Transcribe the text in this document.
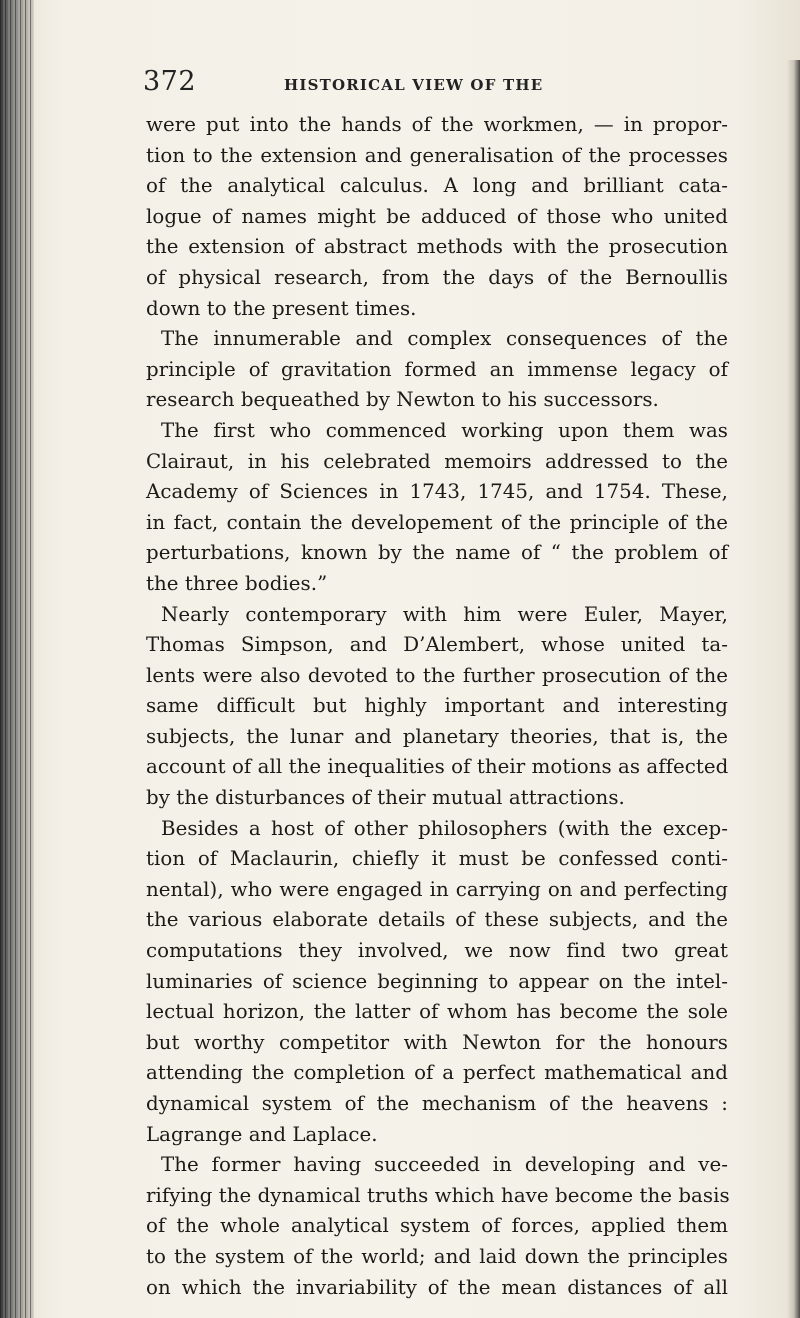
372	HISTORICAL VIEW OF THE
were put into the hands of the workmen, — in propor-
tion to the extension and generalisation of the processes
of the analytical calculus. A long and brilliant cata-
logue of names might be adduced of those who united
the extension of abstract methods with the prosecution
of physical research, from the days of the Bernoullis
down to the present times.
The innumerable and complex consequences of the
principle of gravitation formed an immense legacy of
research bequeathed by Newton to his successors.
The first who commenced working upon them was
Clairaut, in his celebrated memoirs addressed to the
Academy of Sciences in 1743, 1745, and 1754. These,
in fact, contain the developement of the principle of the
perturbations, known by the name of “ the problem of
the three bodies.”
Nearly contemporary with him were Euler, Mayer,
Thomas Simpson, and D’Alembert, whose united ta-
lents were also devoted to the further prosecution of the
same difficult but highly important and interesting
subjects, the lunar and planetary theories, that is, the
account of all the inequalities of their motions as affected
by the disturbances of their mutual attractions.
Besides a host of other philosophers (with the excep-
tion of Maclaurin, chiefly it must be confessed conti-
nental), who were engaged in carrying on and perfecting
the various elaborate details of these subjects, and the
computations they involved, we now find two great
luminaries of science beginning to appear on the intel-
lectual horizon, the latter of whom has become the sole
but worthy competitor with Newton for the honours
attending the completion of a perfect mathematical and
dynamical system of the mechanism of the heavens :
Lagrange and Laplace.
The former having succeeded in developing and ve-
rifying the dynamical truths which have become the basis
of the whole analytical system of forces, applied them
to the system of the world; and laid down the principles
on which the invariability of the mean distances of all
